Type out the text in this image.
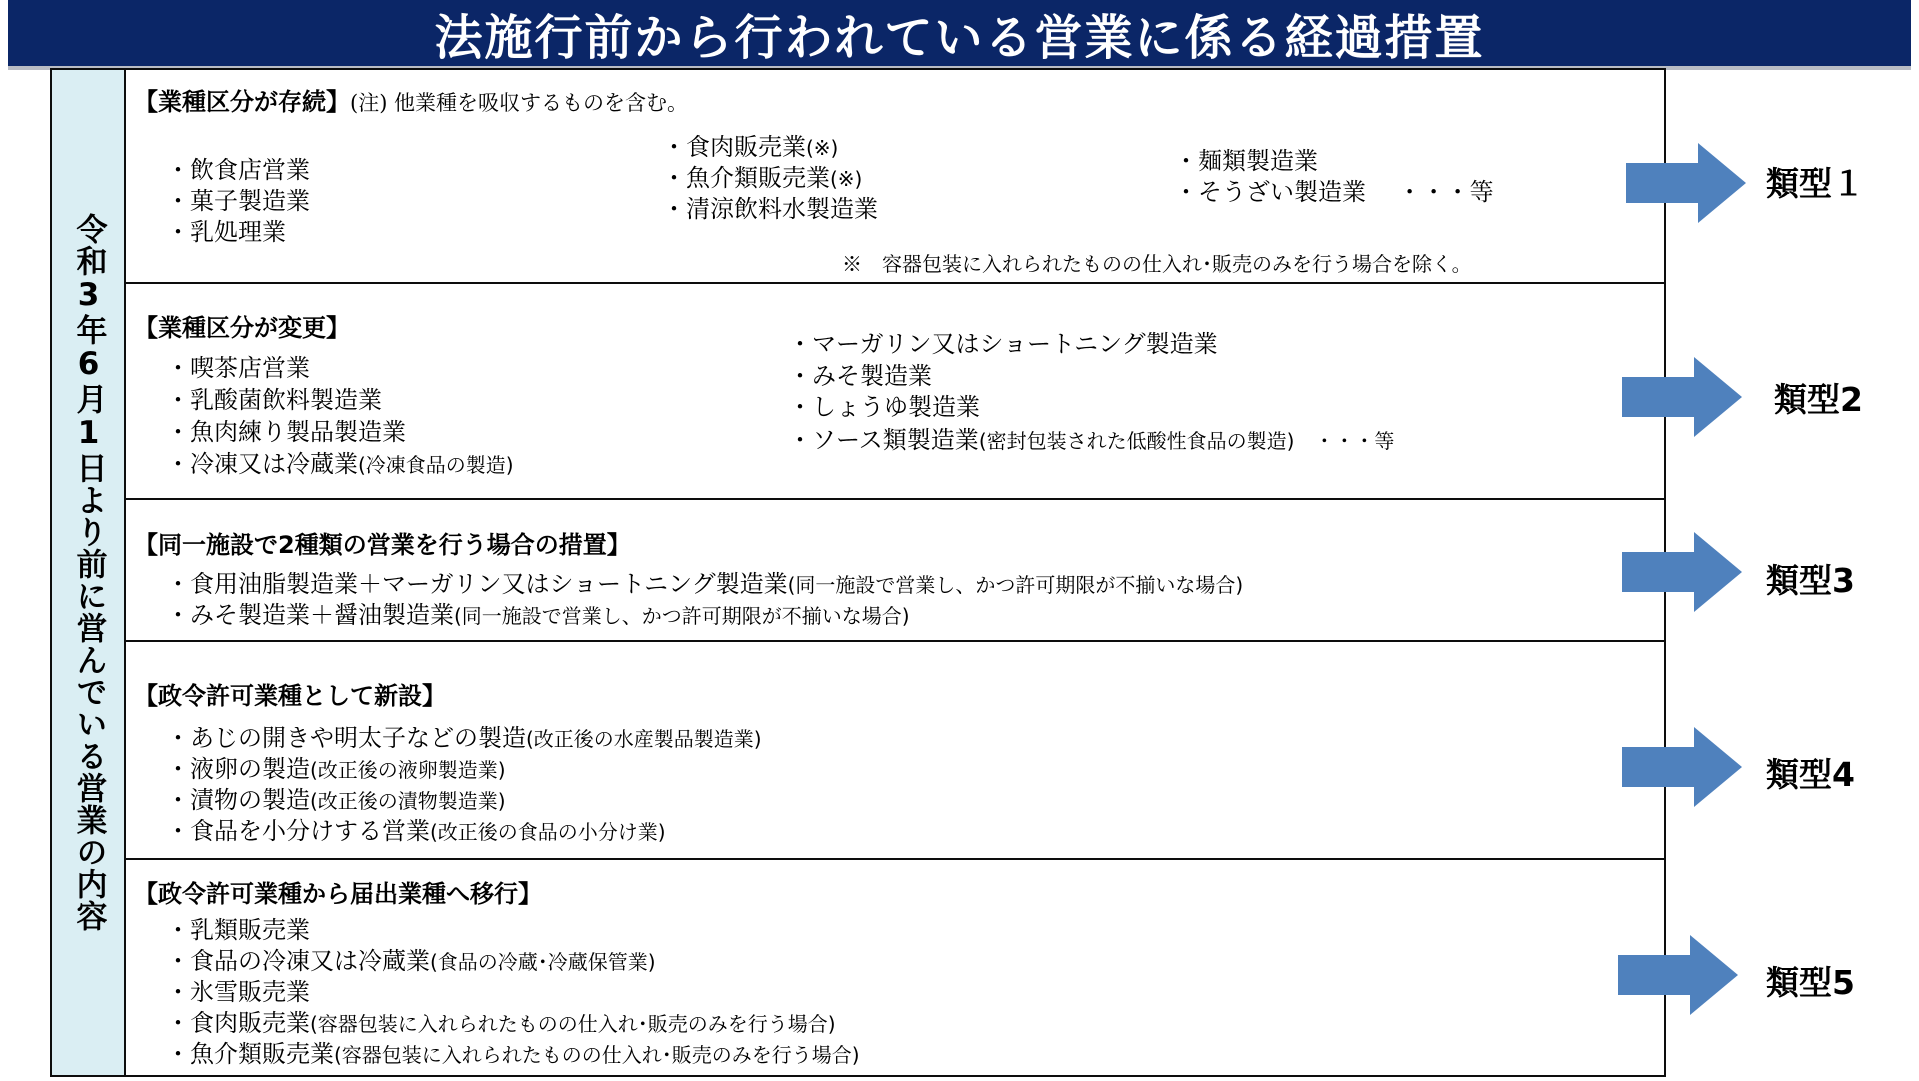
法施行前から行われている営業に係る経過措置
令和3年6月1日より前に営んでいる営業の内容
【業種区分が存続】(注) 他業種を吸収するものを含む。
・飲食店営業
・菓子製造業
・乳処理業
・食肉販売業(※)
・魚介類販売業(※)
・清涼飲料水製造業
・麺類製造業
・そうざい製造業　 ・・・等
※　容器包装に入れられたものの仕入れ･販売のみを行う場合を除く。
【業種区分が変更】
・喫茶店営業
・乳酸菌飲料製造業
・魚肉練り製品製造業
・冷凍又は冷蔵業(冷凍食品の製造)
・マーガリン又はショートニング製造業
・みそ製造業
・しょうゆ製造業
・ソース類製造業(密封包装された低酸性食品の製造)　・・・等
【同一施設で2種類の営業を行う場合の措置】
・食用油脂製造業＋マーガリン又はショートニング製造業(同一施設で営業し、かつ許可期限が不揃いな場合)
・みそ製造業＋醤油製造業(同一施設で営業し、かつ許可期限が不揃いな場合)
【政令許可業種として新設】
・あじの開きや明太子などの製造(改正後の水産製品製造業)
・液卵の製造(改正後の液卵製造業)
・漬物の製造(改正後の漬物製造業)
・食品を小分けする営業(改正後の食品の小分け業)
【政令許可業種から届出業種へ移行】
・乳類販売業
・食品の冷凍又は冷蔵業(食品の冷蔵･冷蔵保管業)
・氷雪販売業
・食肉販売業(容器包装に入れられたものの仕入れ･販売のみを行う場合)
・魚介類販売業(容器包装に入れられたものの仕入れ･販売のみを行う場合)
類型１
類型2
類型3
類型4
類型5
